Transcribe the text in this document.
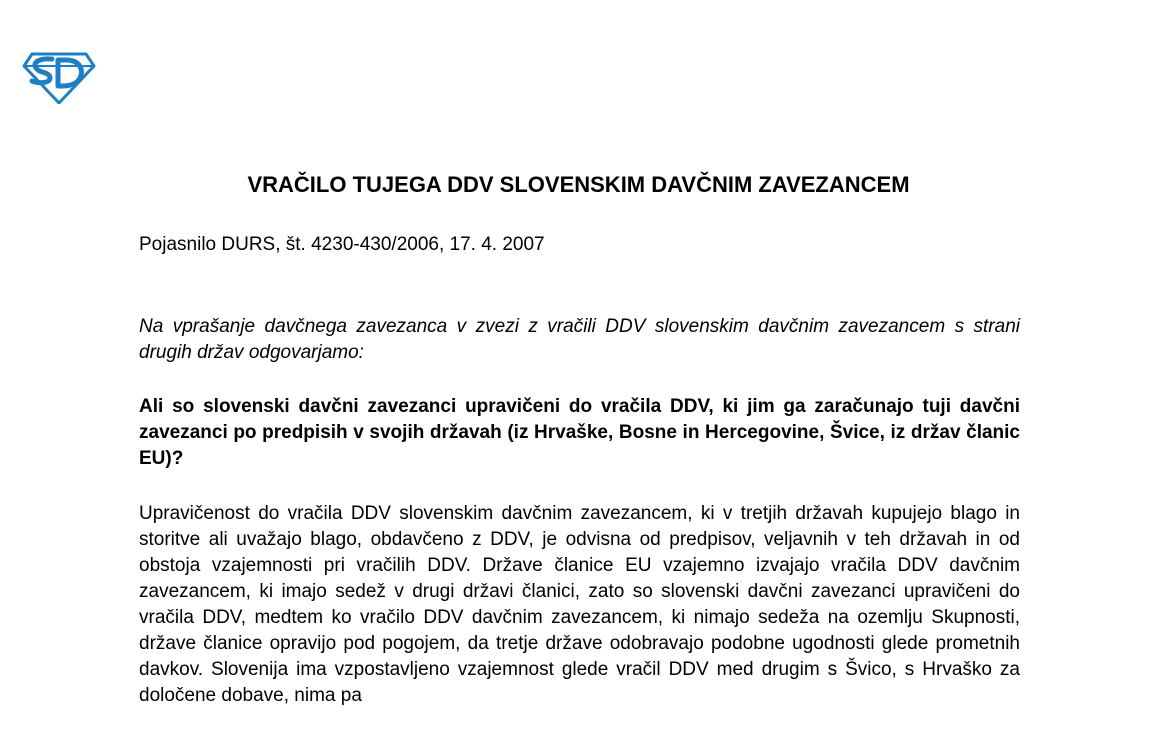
VRAČILO TUJEGA DDV SLOVENSKIM DAVČNIM ZAVEZANCEM

Pojasnilo DURS, št. 4230-430/2006, 17. 4. 2007

Na vprašanje davčnega zavezanca v zvezi z vračili DDV slovenskim davčnim zavezancem s strani drugih držav odgovarjamo:

Ali so slovenski davčni zavezanci upravičeni do vračila DDV, ki jim ga zaračunajo tuji davčni zavezanci po predpisih v svojih državah (iz Hrvaške, Bosne in Hercegovine, Švice, iz držav članic EU)?

Upravičenost do vračila DDV slovenskim davčnim zavezancem, ki v tretjih državah kupujejo blago in storitve ali uvažajo blago, obdavčeno z DDV, je odvisna od predpisov, veljavnih v teh državah in od obstoja vzajemnosti pri vračilih DDV. Države članice EU vzajemno izvajajo vračila DDV davčnim zavezancem, ki imajo sedež v drugi državi članici, zato so slovenski davčni zavezanci upravičeni do vračila DDV, medtem ko vračilo DDV davčnim zavezancem, ki nimajo sedeža na ozemlju Skupnosti, države članice opravijo pod pogojem, da tretje države odobravajo podobne ugodnosti glede prometnih davkov. Slovenija ima vzpostavljeno vzajemnost glede vračil DDV med drugim s Švico, s Hrvaško za določene dobave, nima pa
